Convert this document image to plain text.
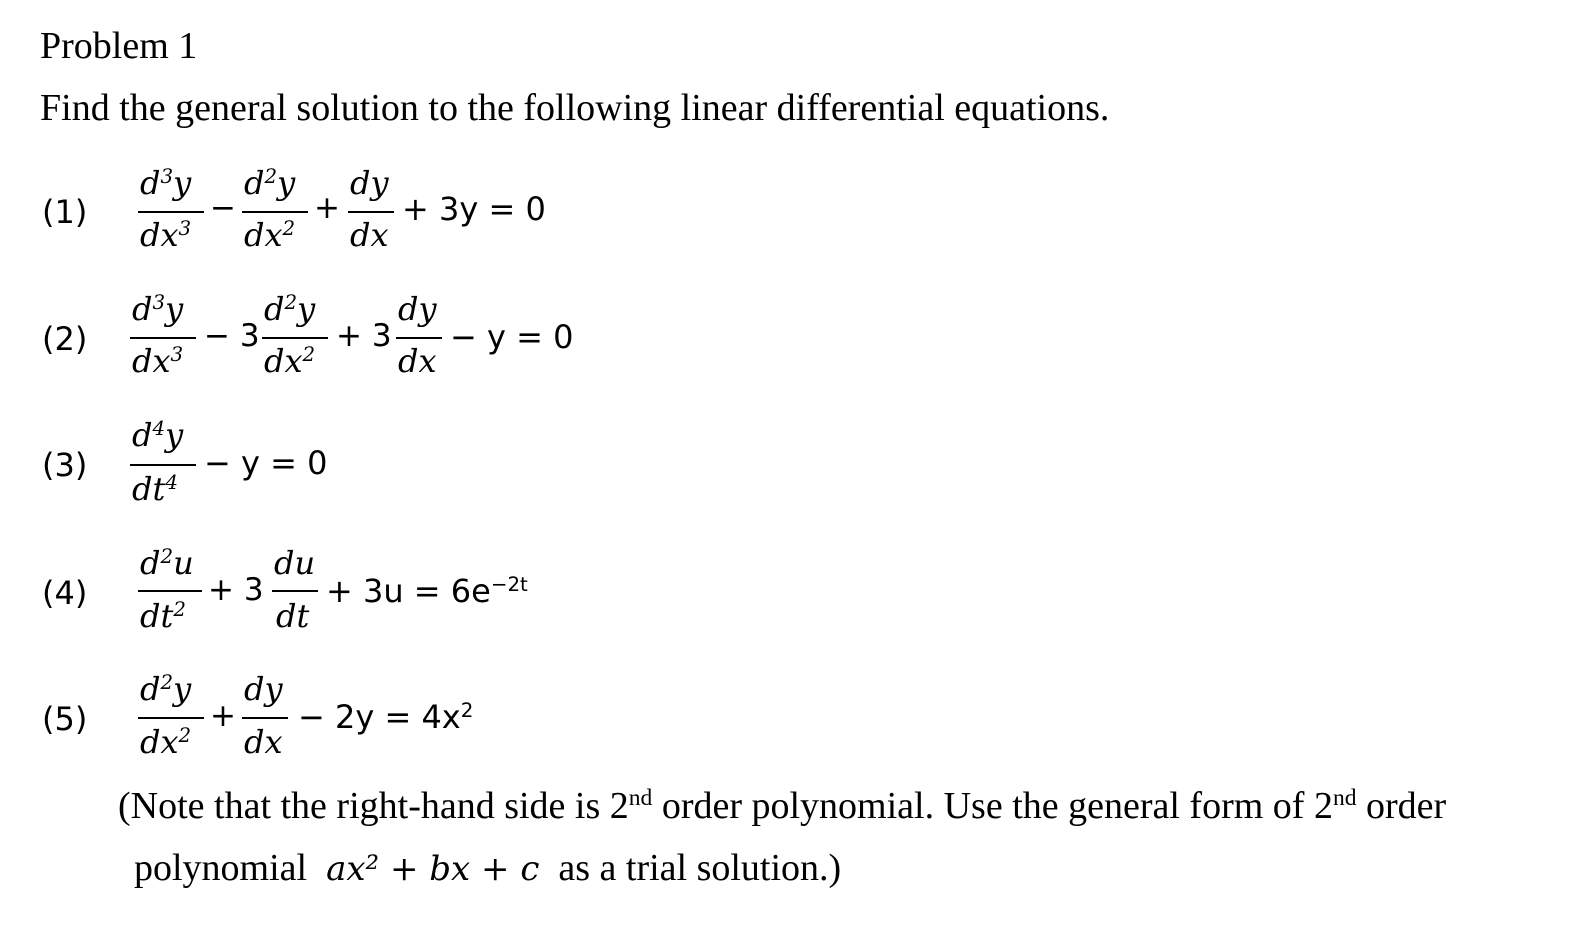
Problem 1
Find the general solution to the following linear differential equations.
(1)
$d^3y$
$dx^3$
−
$d^2y$
$dx^2$
+
dy
dx
+ 3y = 0
(2)
$d^3y$
$dx^3$
− 3
$d^2y$
$dx^2$
+ 3
dy
dx
− y = 0
(3)
$d^4y$
$dt^4$
− y = 0
(4)
$d^2u$
$dt^2$
+ 3
du
dt
+ $3u = 6e^{-2t}$
(5)
$d^2y$
$dx^2$
+
dy
dx
− $2y = 4x^2$
(Note that the right-hand side is 2nd order polynomial. Use the general form of 2nd order
polynomial ax² + bx + c as a trial solution.)
